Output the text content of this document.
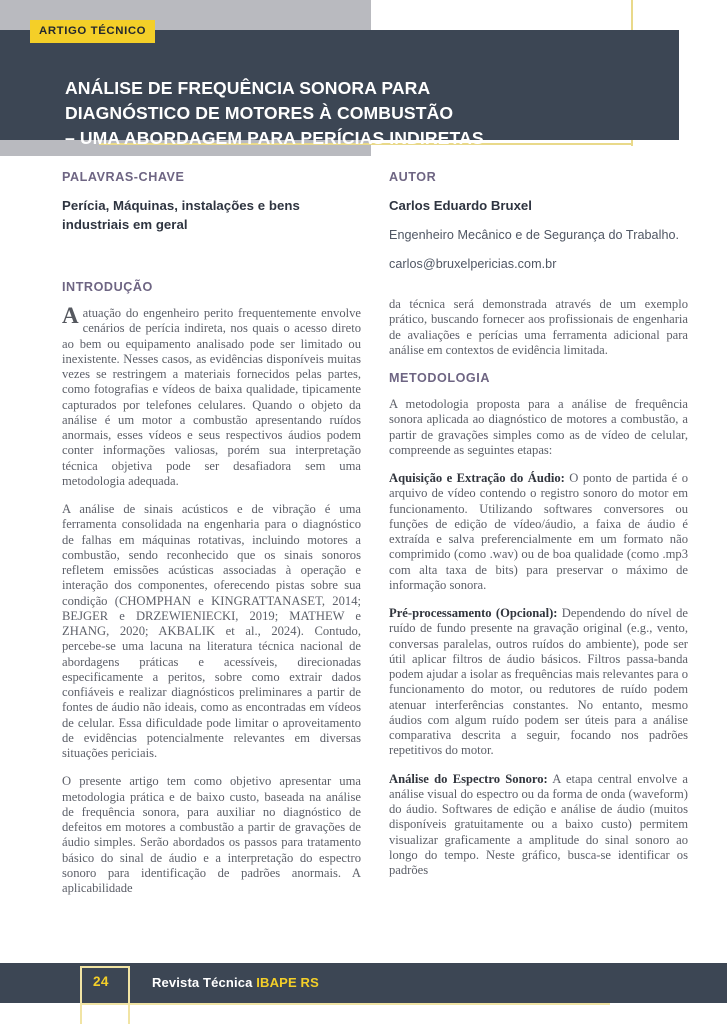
ANÁLISE DE FREQUÊNCIA SONORA PARA
DIAGNÓSTICO DE MOTORES À COMBUSTÃO
– UMA ABORDAGEM PARA PERÍCIAS INDIRETAS
ARTIGO TÉCNICO
PALAVRAS-CHAVE

Perícia, Máquinas, instalações e bens industriais em geral

INTRODUÇÃO

Aatuação do engenheiro perito frequentemente envolve cenários de perícia indireta, nos quais o acesso direto ao bem ou equipamento analisado pode ser limitado ou inexistente. Nesses casos, as evidências disponíveis muitas vezes se restringem a materiais fornecidos pelas partes, como fotografias e vídeos de baixa qualidade, tipicamente capturados por telefones celulares. Quando o objeto da análise é um motor a combustão apresentando ruídos anormais, esses vídeos e seus respectivos áudios podem conter informações valiosas, porém sua interpretação técnica objetiva pode ser desafiadora sem uma metodologia adequada.

A análise de sinais acústicos e de vibração é uma ferramenta consolidada na engenharia para o diagnóstico de falhas em máquinas rotativas, incluindo motores a combustão, sendo reconhecido que os sinais sonoros refletem emissões acústicas associadas à operação e interação dos componentes, oferecendo pistas sobre sua condição (CHOMPHAN e KINGRATTANASET, 2014; BEJGER e DRZEWIENIECKI, 2019; MATHEW e ZHANG, 2020; AKBALIK et al., 2024). Contudo, percebe-se uma lacuna na literatura técnica nacional de abordagens práticas e acessíveis, direcionadas especificamente a peritos, sobre como extrair dados confiáveis e realizar diagnósticos preliminares a partir de fontes de áudio não ideais, como as encontradas em vídeos de celular. Essa dificuldade pode limitar o aproveitamento de evidências potencialmente relevantes em diversas situações periciais.

O presente artigo tem como objetivo apresentar uma metodologia prática e de baixo custo, baseada na análise de frequência sonora, para auxiliar no diagnóstico de defeitos em motores a combustão a partir de gravações de áudio simples. Serão abordados os passos para tratamento básico do sinal de áudio e a interpretação do espectro sonoro para identificação de padrões anormais. A aplicabilidade

AUTOR

Carlos Eduardo Bruxel

Engenheiro Mecânico e de Segurança do Trabalho.

carlos@bruxelpericias.com.br

da técnica será demonstrada através de um exemplo prático, buscando fornecer aos profissionais de engenharia de avaliações e perícias uma ferramenta adicional para análise em contextos de evidência limitada.

METODOLOGIA

A metodologia proposta para a análise de frequência sonora aplicada ao diagnóstico de motores a combustão, a partir de gravações simples como as de vídeo de celular, compreende as seguintes etapas:

Aquisição e Extração do Áudio: O ponto de partida é o arquivo de vídeo contendo o registro sonoro do motor em funcionamento. Utilizando softwares conversores ou funções de edição de vídeo/áudio, a faixa de áudio é extraída e salva preferencialmente em um formato não comprimido (como .wav) ou de boa qualidade (como .mp3 com alta taxa de bits) para preservar o máximo de informação sonora.

Pré-processamento (Opcional): Dependendo do nível de ruído de fundo presente na gravação original (e.g., vento, conversas paralelas, outros ruídos do ambiente), pode ser útil aplicar filtros de áudio básicos. Filtros passa-banda podem ajudar a isolar as frequências mais relevantes para o funcionamento do motor, ou redutores de ruído podem atenuar interferências constantes. No entanto, mesmo áudios com algum ruído podem ser úteis para a análise comparativa descrita a seguir, focando nos padrões repetitivos do motor.

Análise do Espectro Sonoro: A etapa central envolve a análise visual do espectro ou da forma de onda (waveform) do áudio. Softwares de edição e análise de áudio (muitos disponíveis gratuitamente ou a baixo custo) permitem visualizar graficamente a amplitude do sinal sonoro ao longo do tempo. Neste gráfico, busca-se identificar os padrões

24	Revista Técnica IBAPE RS
